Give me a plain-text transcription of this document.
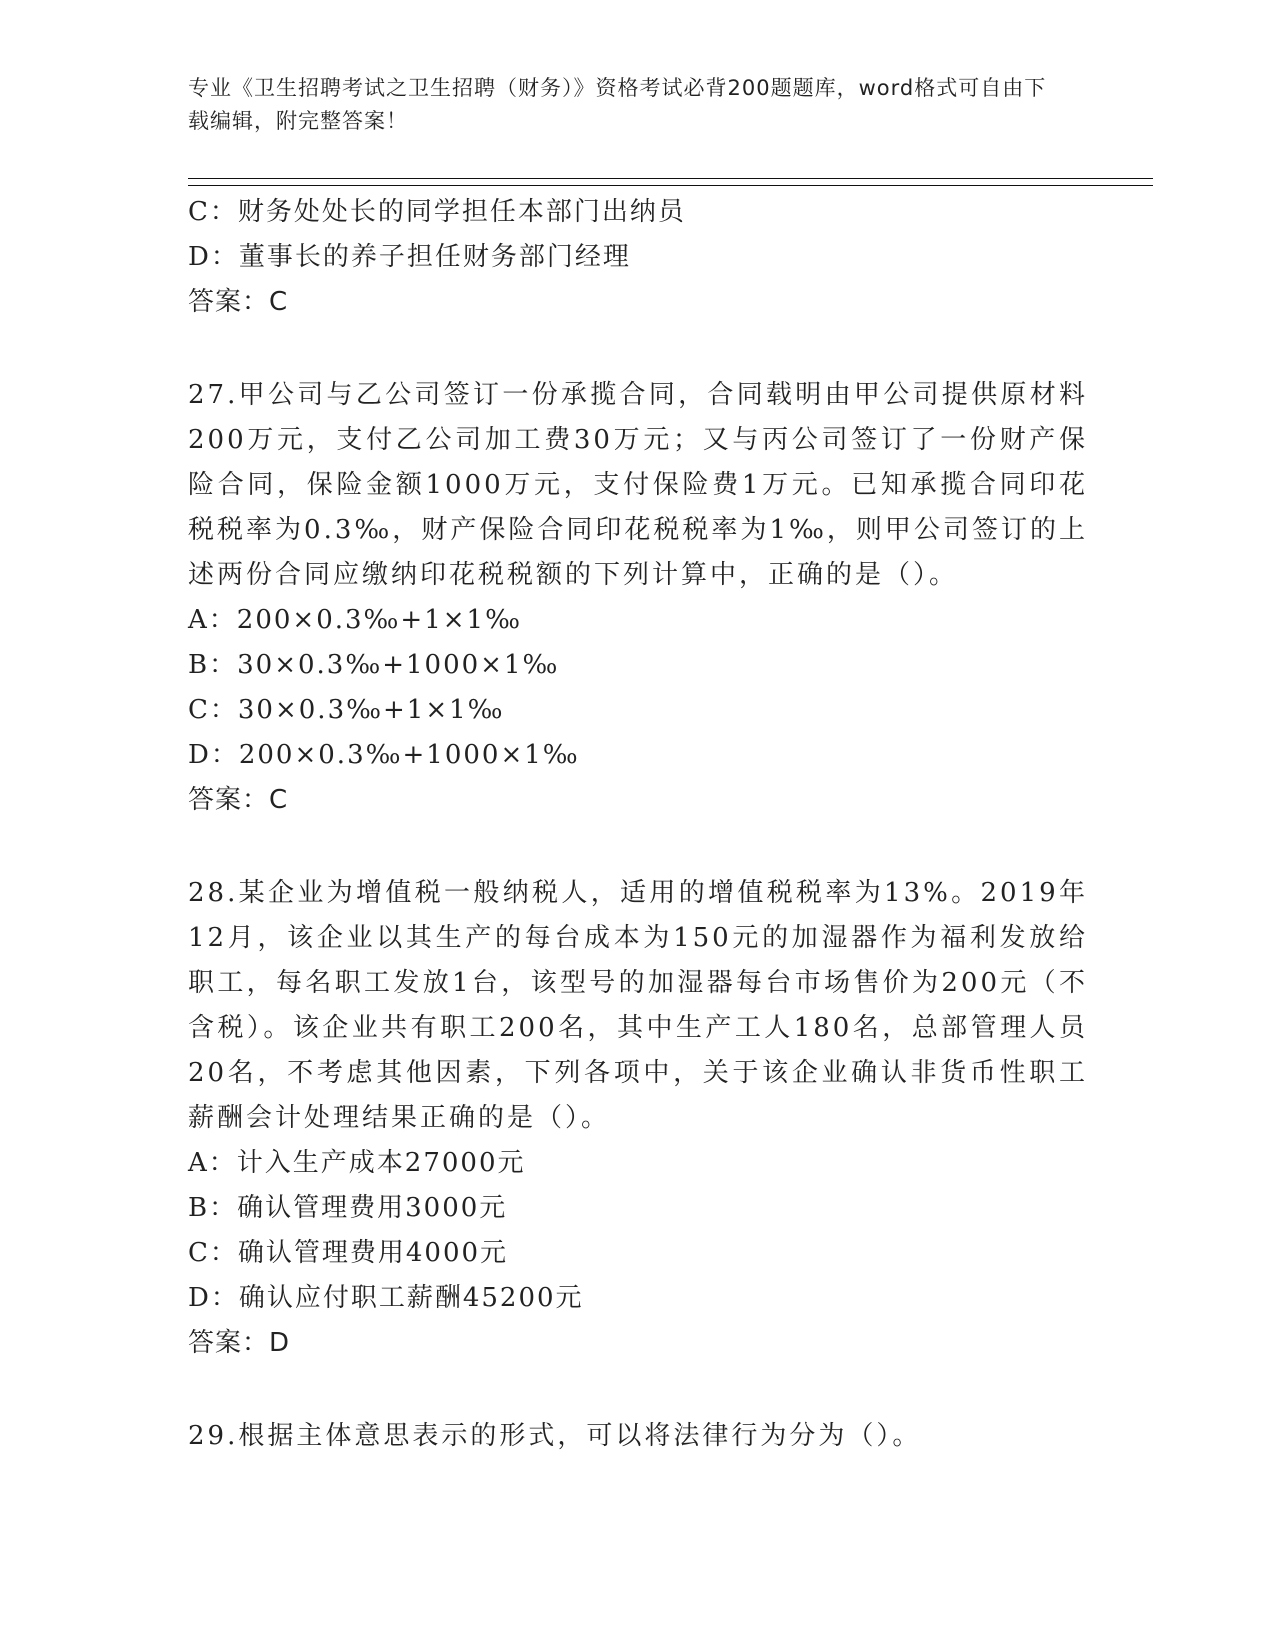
专业《卫生招聘考试之卫生招聘（财务）》资格考试必背200题题库，word格式可自由下载编辑，附完整答案！
C：财务处处长的同学担任本部门出纳员
D：董事长的养子担任财务部门经理
答案：C
27.甲公司与乙公司签订一份承揽合同，合同载明由甲公司提供原材料200万元，支付乙公司加工费30万元；又与丙公司签订了一份财产保险合同，保险金额1000万元，支付保险费1万元。已知承揽合同印花税税率为0.3‰，财产保险合同印花税税率为1‰，则甲公司签订的上述两份合同应缴纳印花税税额的下列计算中，正确的是（）。
A：200×0.3‰+1×1‰
B：30×0.3‰+1000×1‰
C：30×0.3‰+1×1‰
D：200×0.3‰+1000×1‰
答案：C
28.某企业为增值税一般纳税人，适用的增值税税率为13%。2019年12月，该企业以其生产的每台成本为150元的加湿器作为福利发放给职工，每名职工发放1台，该型号的加湿器每台市场售价为200元（不含税）。该企业共有职工200名，其中生产工人180名，总部管理人员20名，不考虑其他因素，下列各项中，关于该企业确认非货币性职工薪酬会计处理结果正确的是（）。
A：计入生产成本27000元
B：确认管理费用3000元
C：确认管理费用4000元
D：确认应付职工薪酬45200元
答案：D
29.根据主体意思表示的形式，可以将法律行为分为（）。
